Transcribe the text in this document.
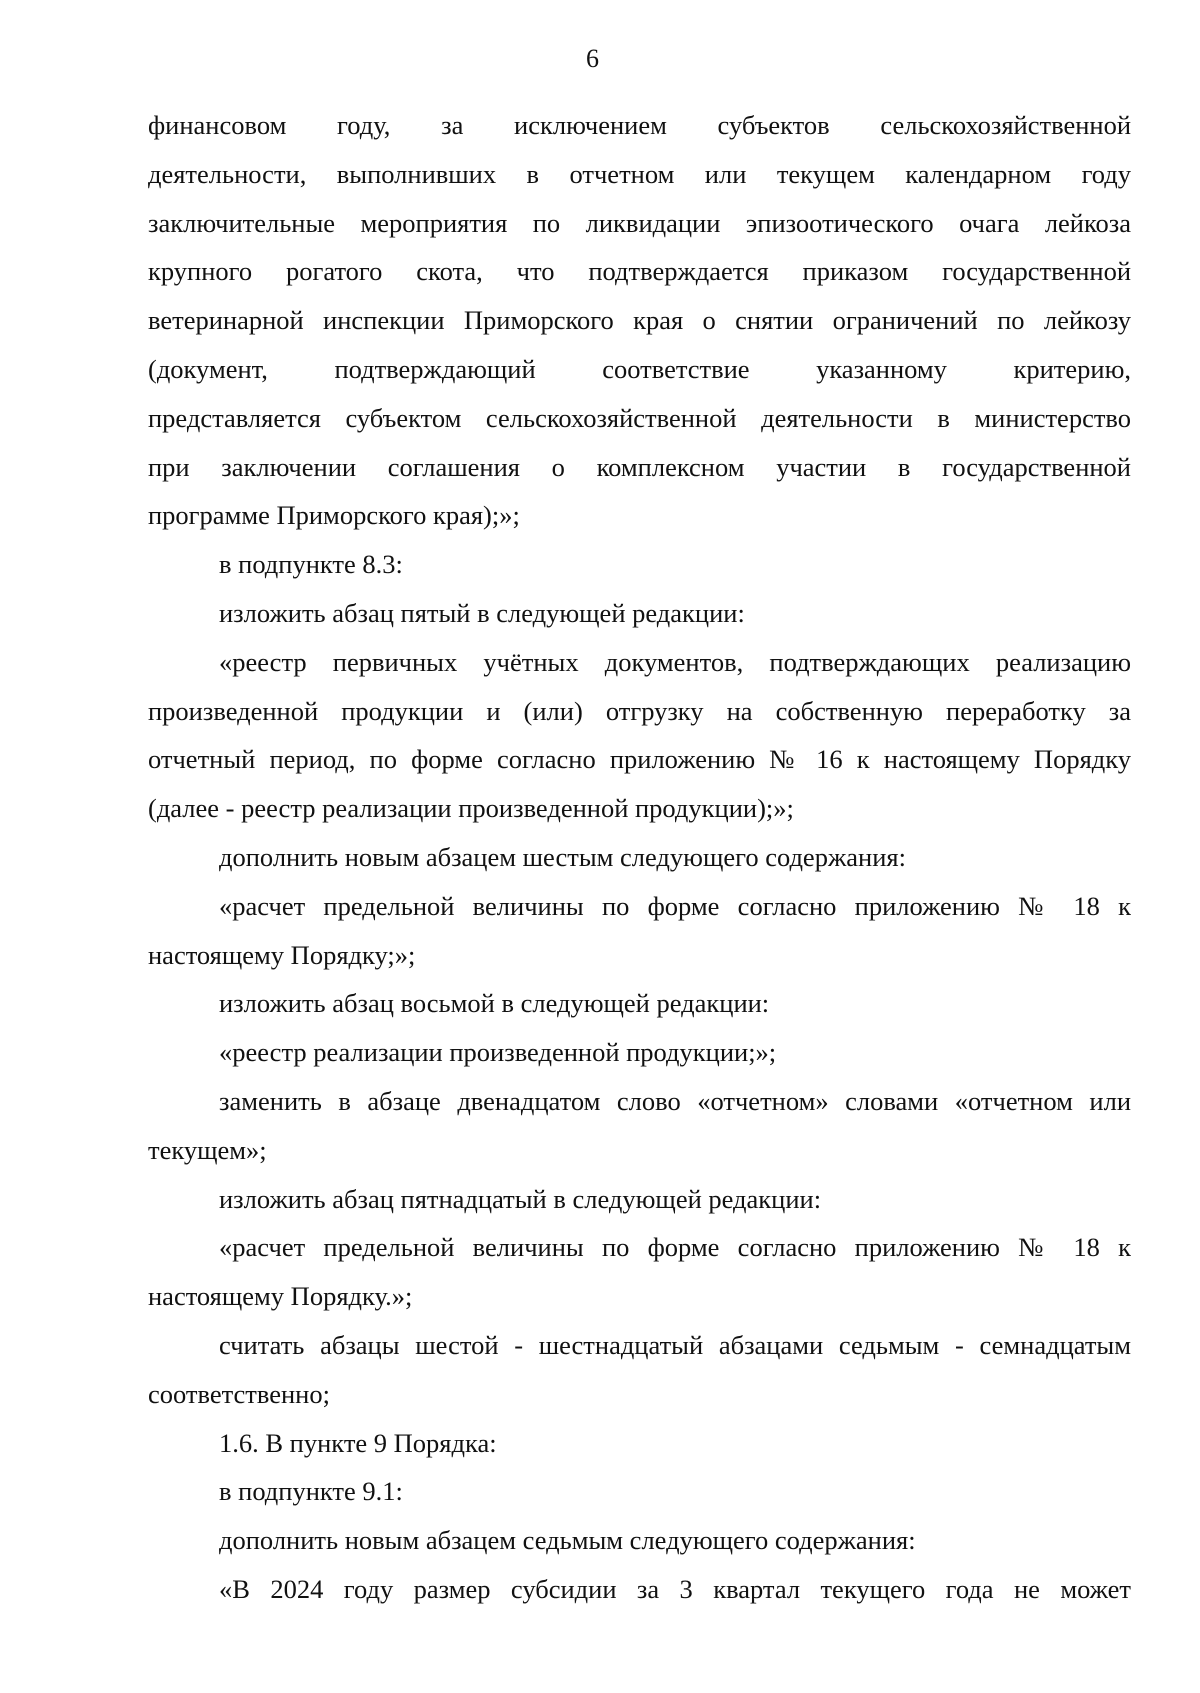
6
финансовом году, за исключением субъектов сельскохозяйственной
деятельности, выполнивших в отчетном или текущем календарном году
заключительные мероприятия по ликвидации эпизоотического очага лейкоза
крупного рогатого скота, что подтверждается приказом государственной
ветеринарной инспекции Приморского края о снятии ограничений по лейкозу
(документ, подтверждающий соответствие указанному критерию,
представляется субъектом сельскохозяйственной деятельности в министерство
при заключении соглашения о комплексном участии в государственной
программе Приморского края);»;
в подпункте 8.3:
изложить абзац пятый в следующей редакции:
«реестр первичных учётных документов, подтверждающих реализацию
произведенной продукции и (или) отгрузку на собственную переработку за
отчетный период, по форме согласно приложению № 16 к настоящему Порядку
(далее - реестр реализации произведенной продукции);»;
дополнить новым абзацем шестым следующего содержания:
«расчет предельной величины по форме согласно приложению № 18 к
настоящему Порядку;»;
изложить абзац восьмой в следующей редакции:
«реестр реализации произведенной продукции;»;
заменить в абзаце двенадцатом слово «отчетном» словами «отчетном или
текущем»;
изложить абзац пятнадцатый в следующей редакции:
«расчет предельной величины по форме согласно приложению № 18 к
настоящему Порядку.»;
считать абзацы шестой - шестнадцатый абзацами седьмым - семнадцатым
соответственно;
1.6. В пункте 9 Порядка:
в подпункте 9.1:
дополнить новым абзацем седьмым следующего содержания:
«В 2024 году размер субсидии за 3 квартал текущего года не может
